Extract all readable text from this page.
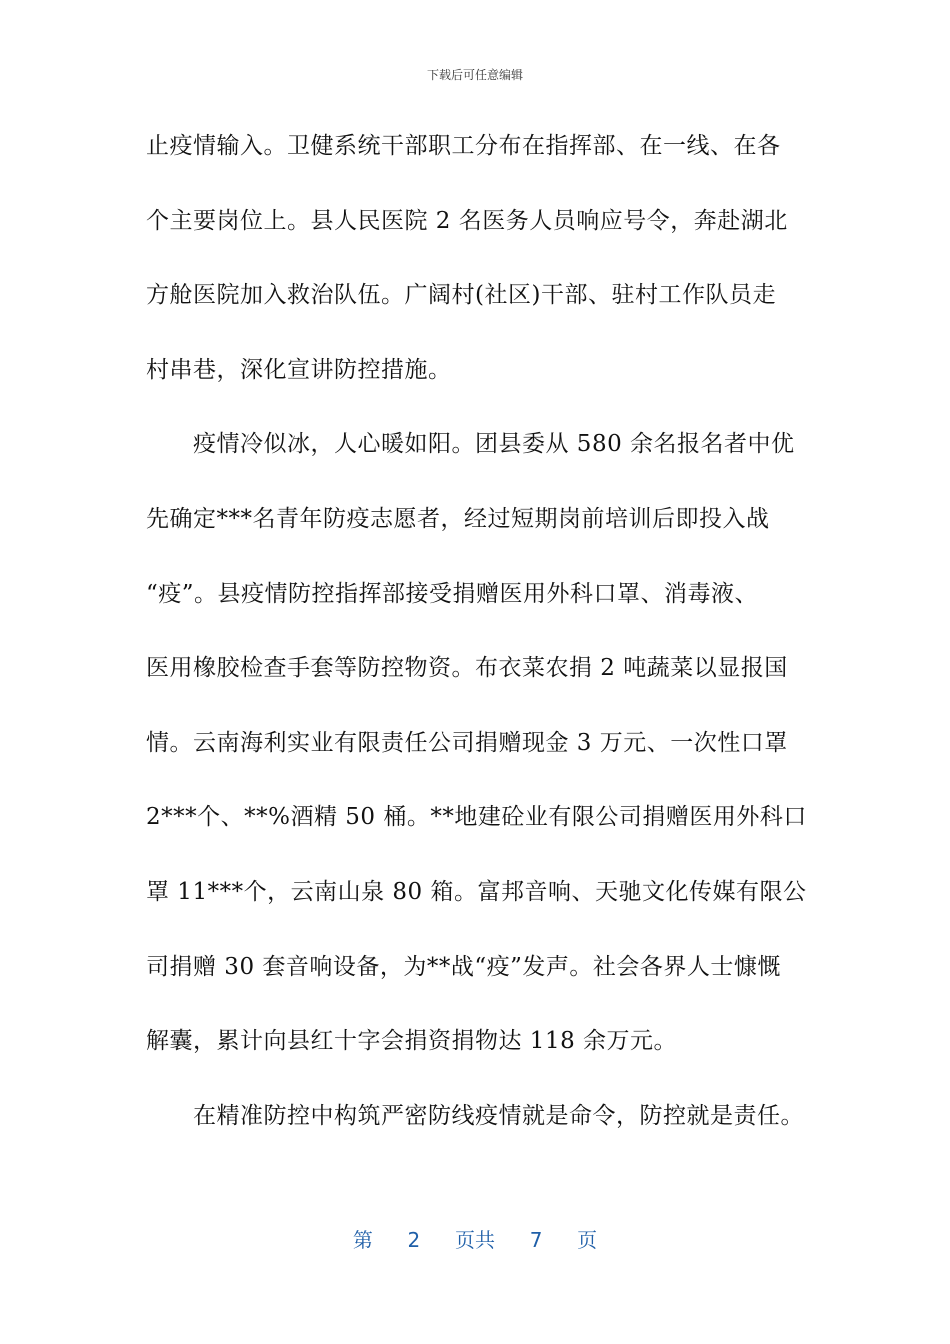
下载后可任意编辑
止疫情输入。卫健系统干部职工分布在指挥部、在一线、在各
个主要岗位上。县人民医院 2 名医务人员响应号令，奔赴湖北
方舱医院加入救治队伍。广阔村(社区)干部、驻村工作队员走
村串巷，深化宣讲防控措施。
疫情冷似冰，人心暖如阳。团县委从 580 余名报名者中优
先确定***名青年防疫志愿者，经过短期岗前培训后即投入战
“疫”。县疫情防控指挥部接受捐赠医用外科口罩、消毒液、
医用橡胶检查手套等防控物资。布衣菜农捐 2 吨蔬菜以显报国
情。云南海利实业有限责任公司捐赠现金 3 万元、一次性口罩
2***个、**%酒精 50 桶。**地建砼业有限公司捐赠医用外科口
罩 11***个，云南山泉 80 箱。富邦音响、天驰文化传媒有限公
司捐赠 30 套音响设备，为**战“疫”发声。社会各界人士慷慨
解囊，累计向县红十字会捐资捐物达 118 余万元。
在精准防控中构筑严密防线疫情就是命令，防控就是责任。
第 2 页共 7 页
